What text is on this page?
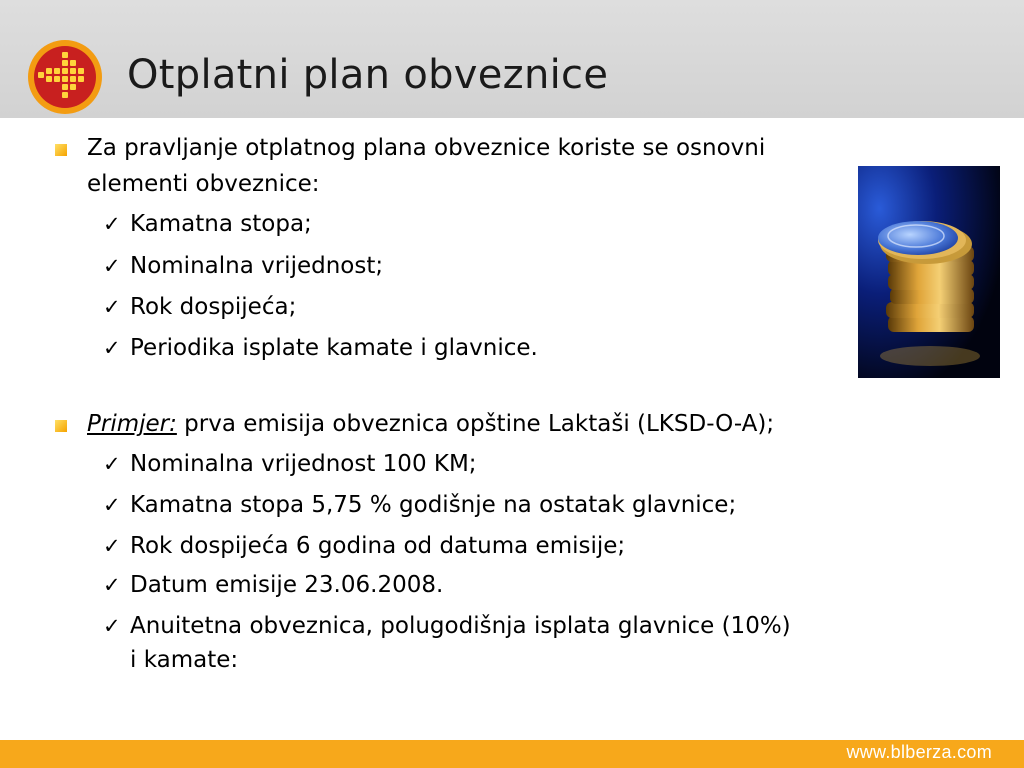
Otplatni plan obveznice
Za pravljanje otplatnog plana obveznice koriste se osnovni
elementi obveznice:
✓ Kamatna stopa;
✓ Nominalna vrijednost;
✓ Rok dospijeća;
✓ Periodika isplate kamate i glavnice.
Primjer: prva emisija obveznica opštine Laktaši (LKSD-O-A);
✓ Nominalna vrijednost 100 KM;
✓ Kamatna stopa 5,75 % godišnje na ostatak glavnice;
✓ Rok dospijeća 6 godina od datuma emisije;
✓ Datum emisije 23.06.2008.
✓ Anuitetna obveznica, polugodišnja isplata glavnice (10%)
i kamate:
www.blberza.com
